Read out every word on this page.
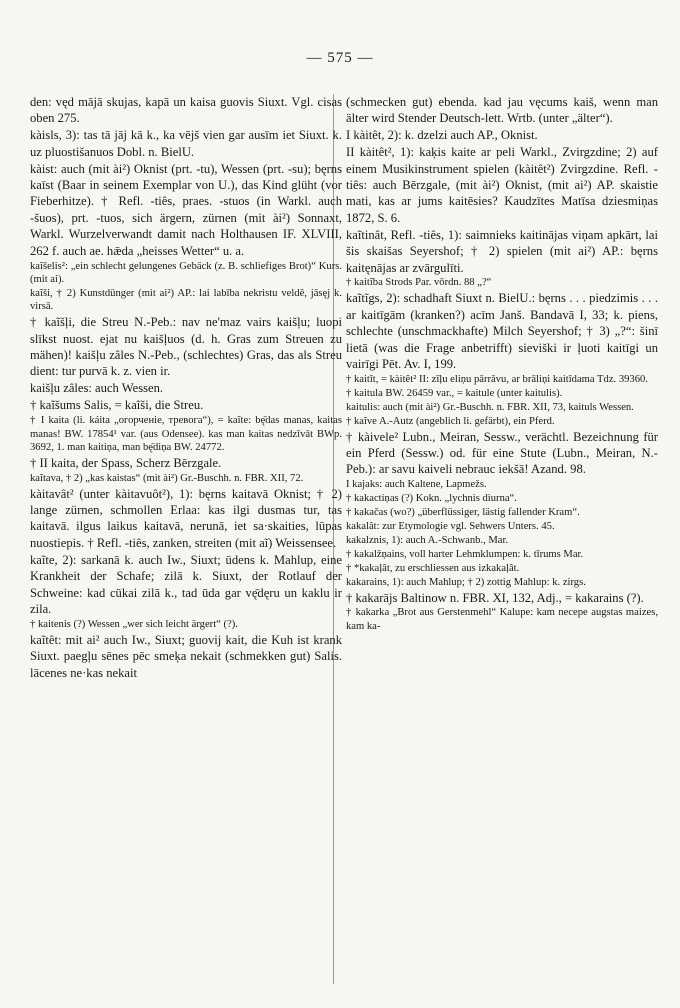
— 575 —

den: vęd mājā skujas, kapā un kaisa guovis Siuxt. Vgl. cisas oben 275.

kàisls, 3): tas tā jāj kā k., ka vējš vien gar ausīm iet Siuxt. k. uz pluostišanuos Dobl. n. BielU.

kàist: auch (mit ài²) Oknist (prt. -tu), Wessen (prt. -su); bęrns kaīst (Baar in seinem Exemplar von U.), das Kind glüht (vor Fieberhitze). † Refl. -tiês, praes. -stuos (in Warkl. auch -šuos), prt. -tuos, sich ärgern, zürnen (mit ài²) Sonnaxt, Warkl. Wurzelverwandt damit nach Holthausen IF. XLVIII, 262 f. auch ae. hǣda „heisses Wetter“ u. a.

kaĩšelis²: „ein schlecht gelungenes Gebäck (z. B. schliefiges Brot)“ Kurs. (mit ai).

kaĩši, † 2) Kunstdünger (mit ai²) AP.: lai labība nekristu veldē, jāsęj k. virsā.

† kaĩšļi, die Streu N.-Peb.: nav ne'maz vairs kaišļu; luopi slīkst nuost. ejat nu kaišļuos (d. h. Gras zum Streuen zu mähen)! kaišļu zâles N.-Peb., (schlechtes) Gras, das als Streu dient: tur purvā k. z. vien ir.

kaišļu zâles: auch Wessen.

† kaĩšums Salis, = kaĩši, die Streu.

† I kaita (li. káita „огорченiе, тревога“), = kaĩte: bę̄das manas, kaitas manas! BW. 17854¹ var. (aus Odensee). kas man kaitas nedzīvāt BWp. 3692, 1. man kaitiņa, man bę̄diņa BW. 24772.

† II kaita, der Spass, Scherz Bērzgale.

kaĩtava, † 2) „kas kaistas“ (mit ài²) Gr.-Buschh. n. FBR. XII, 72.

kàitavât² (unter kàitavuôt²), 1): bęrns kaitavā Oknist; † 2) lange zürnen, schmollen Erlaa: kas ilgi dusmas tur, tas kaitavā. ilgus laikus kaitavā, nerunā, iet sa·skaities, lūpas nuostiepis. † Refl. -tiês, zanken, streiten (mit aĩ) Weissensee.

kaĩte, 2): sarkanā k. auch Iw., Siuxt; ūdens k. Mahlup, eine Krankheit der Schafe; zilā k. Siuxt, der Rotlauf der Schweine: kad cūkai zilā k., tad ūda gar vę̄dęru un kaklu ir zila.

† kaitenis (?) Wessen „wer sich leicht ärgert“ (?).

kaĩtêt: mit ai² auch Iw., Siuxt; guovij kait, die Kuh ist krank Siuxt. paegļu sēnes pēc smeķa nekait (schmekken gut) Salis. lācenes ne·kas nekait

(schmecken gut) ebenda. kad jau vęcums kaiš, wenn man älter wird Stender Deutsch-lett. Wrtb. (unter „älter“).

I kàitêt, 2): k. dzelzi auch AP., Oknist.

II kàitêt², 1): kaķis kaite ar peli Warkl., Zvirgzdine; 2) auf einem Musikinstrument spielen (kàitêt²) Zvirgzdine. Refl. -tiês: auch Bērzgale, (mit ài²) Oknist, (mit ai²) AP. skaistie mati, kas ar jums kaitēsies? Kaudzītes Matīsa dziesmiņas 1872, S. 6.

kaĩtinât, Refl. -tiês, 1): saimnieks kaitinājas viņam apkārt, lai šis skaišas Seyershof; † 2) spielen (mit ai²) AP.: bęrns kaitęnājas ar zvārgulīti.

† kaitĩba Strods Par. vōrdn. 88 „?“

kaĩtĩgs, 2): schadhaft Siuxt n. BielU.: bęrns . . . piedzimis . . . ar kaitīgām (kranken?) acīm Janš. Bandavā I, 33; k. piens, schlechte (unschmackhafte) Milch Seyershof; † 3) „?“: šinī lietā (was die Frage anbetrifft) sieviški ir ļuoti kaitīgi un vairīgi Pēt. Av. I, 199.

† kaitīt, = kàitêt² II: zīļu eliņu pārrāvu, ar brāliņi kaitīdama Tdz. 39360.

† kaitula BW. 26459 var., = kaitule (unter kaitulis).

kaitulis: auch (mit ài²) Gr.-Buschh. n. FBR. XII, 73, kaituls Wessen.

† kaĩve A.-Autz (angeblich li. gefärbt), ein Pferd.

† kàivele² Lubn., Meiran, Sessw., verächtl. Bezeichnung für ein Pferd (Sessw.) od. für eine Stute (Lubn., Meiran, N.-Peb.): ar savu kaiveli nebrauc iekšā! Azand. 98.

I kajaks: auch Kaltene, Lapmežs.

† kakactiņas (?) Kokn. „lychnis diurna“.

† kakačas (wo?) „überflüssiger, lästig fallender Kram“.

kakalât: zur Etymologie vgl. Sehwers Unters. 45.

kakalznis, 1): auch A.-Schwanb., Mar.

† kakalžņains, voll harter Lehmklumpen: k. tīrums Mar.

† *kakaļât, zu erschliessen aus izkakaļât.

kakarains, 1): auch Mahlup; † 2) zottig Mahlup: k. zirgs.

† kakarājs Baltinow n. FBR. XI, 132, Adj., = kakarains (?).

† kakarka „Brot aus Gerstenmehl“ Kalupe: kam necepe augstas maizes, kam ka-
